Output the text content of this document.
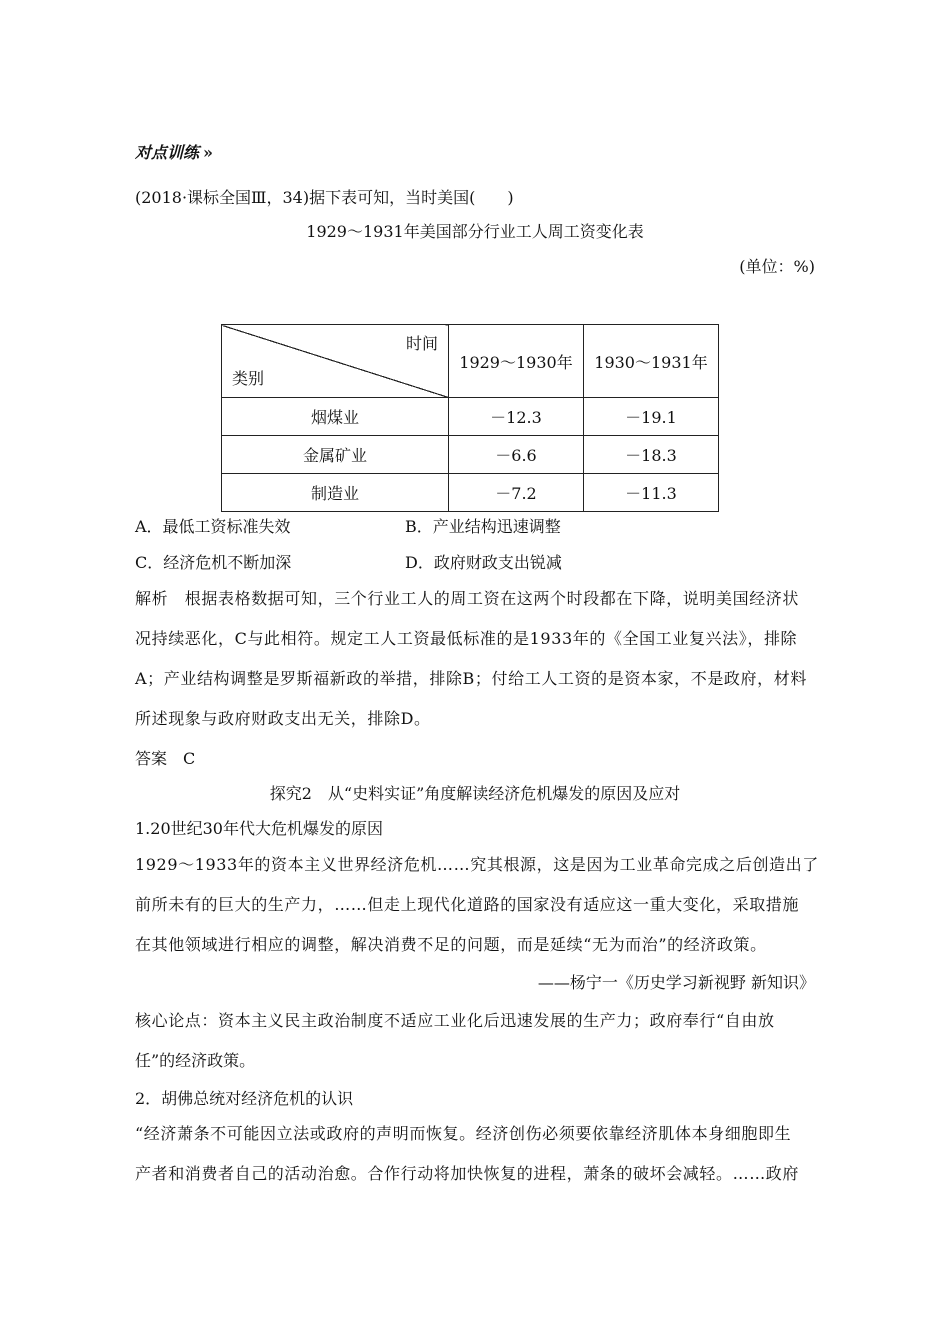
对点训练 »
(2018·课标全国Ⅲ，34)据下表可知，当时美国(　　)
1929～1931年美国部分行业工人周工资变化表
(单位：%)
时间
类别	1929～1930年	1930～1931年
烟煤业	－12.3	－19.1
金属矿业	－6.6	－18.3
制造业	－7.2	－11.3
A．最低工资标准失效	B．产业结构迅速调整
C．经济危机不断加深	D．政府财政支出锐减
解析　根据表格数据可知，三个行业工人的周工资在这两个时段都在下降，说明美国经济状
况持续恶化，C与此相符。规定工人工资最低标准的是1933年的《全国工业复兴法》，排除
A；产业结构调整是罗斯福新政的举措，排除B；付给工人工资的是资本家，不是政府，材料
所述现象与政府财政支出无关，排除D。
答案　C
探究2　从“史料实证”角度解读经济危机爆发的原因及应对
1.20世纪30年代大危机爆发的原因
1929～1933年的资本主义世界经济危机……究其根源，这是因为工业革命完成之后创造出了
前所未有的巨大的生产力，……但走上现代化道路的国家没有适应这一重大变化，采取措施
在其他领域进行相应的调整，解决消费不足的问题，而是延续“无为而治”的经济政策。
——杨宁一《历史学习新视野 新知识》
核心论点：资本主义民主政治制度不适应工业化后迅速发展的生产力；政府奉行“自由放
任”的经济政策。
2．胡佛总统对经济危机的认识
“经济萧条不可能因立法或政府的声明而恢复。经济创伤必须要依靠经济肌体本身细胞即生
产者和消费者自己的活动治愈。合作行动将加快恢复的进程，萧条的破坏会减轻。……政府
